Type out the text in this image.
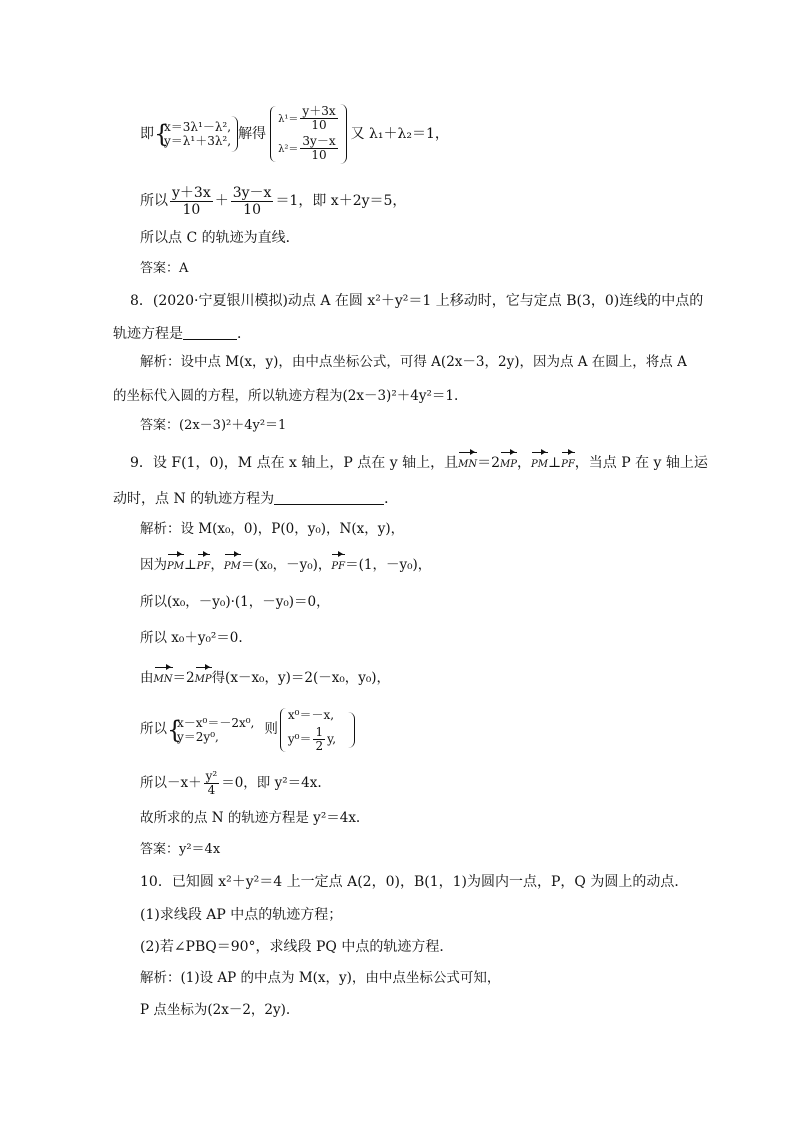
即 { x＝3λ¹－λ²,
y＝λ¹＋3λ², 解得
$\lambda^1= \frac{y+3x}{10}$
$\lambda^2= \frac{3y-x}{10}$
又 λ₁＋λ₂＝1，
所以 $\frac{y+3x}{10} + \frac{3y-x}{10} =1$，即 x＋2y＝5，
所以点 C 的轨迹为直线．
答案：A
8．(2020·宁夏银川模拟)动点 A 在圆 x²＋y²＝1 上移动时，它与定点 B(3，0)连线的中点的
轨迹方程是	．
解析：设中点 M(x，y)，由中点坐标公式，可得 A(2x－3，2y)，因为点 A 在圆上，将点 A
的坐标代入圆的方程，所以轨迹方程为(2x－3)²＋4y²＝1.
答案：(2x－3)²＋4y²＝1
9．设 F(1，0)，M 点在 x 轴上，P 点在 y 轴上，且MN＝2MP，PM⊥PF，当点 P 在 y 轴上运
动时，点 N 的轨迹方程为	．
解析：设 M(x₀，0)，P(0，y₀)，N(x，y)，
因为PM⊥PF，PM＝(x₀，－y₀)，PF＝(1，－y₀)，
所以(x₀，－y₀)·(1，－y₀)＝0，
所以 x₀＋y₀²＝0.
由MN＝2MP得(x－x₀，y)＝2(－x₀，y₀)，
所以 { x－x⁰＝－2x⁰,
y＝2y⁰,	则
x⁰＝－x,
$y^0= \frac{1}{2} y$,
所以$-x+ \frac{\text{y²}}{4} =0$，即 y²＝4x.
故所求的点 N 的轨迹方程是 y²＝4x.
答案：y²＝4x
10．已知圆 x²＋y²＝4 上一定点 A(2，0)，B(1，1)为圆内一点，P，Q 为圆上的动点．
(1)求线段 AP 中点的轨迹方程；
(2)若∠PBQ＝90°，求线段 PQ 中点的轨迹方程．
解析：(1)设 AP 的中点为 M(x，y)，由中点坐标公式可知，
P 点坐标为(2x－2，2y).
